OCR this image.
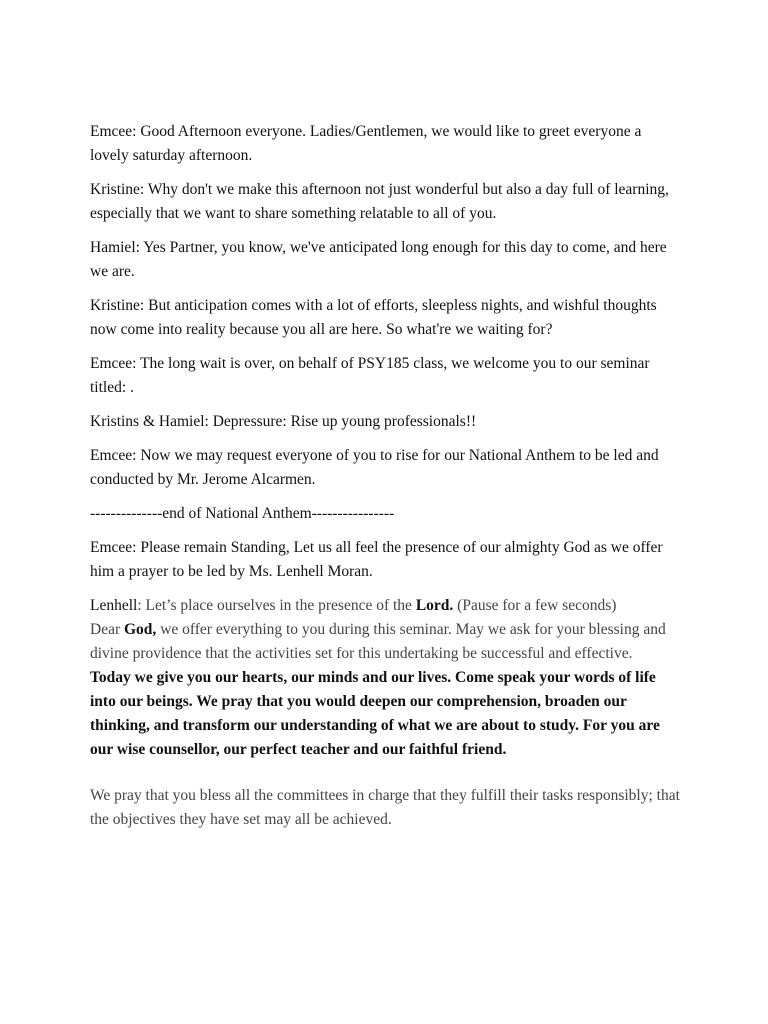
Emcee: Good Afternoon everyone. Ladies/Gentlemen, we would like to greet everyone a lovely saturday afternoon.

Kristine: Why don't we make this afternoon not just wonderful but also a day full of learning, especially that we want to share something relatable to all of you.

Hamiel: Yes Partner, you know, we've anticipated long enough for this day to come, and here we are.

Kristine: But anticipation comes with a lot of efforts, sleepless nights, and wishful thoughts now come into reality because you all are here. So what're we waiting for?

Emcee: The long wait is over, on behalf of PSY185 class, we welcome you to our seminar titled: .

Kristins & Hamiel: Depressure: Rise up young professionals!!

Emcee: Now we may request everyone of you to rise for our National Anthem to be led and conducted by Mr. Jerome Alcarmen.

--------------end of National Anthem----------------

Emcee: Please remain Standing, Let us all feel the presence of our almighty God as we offer him a prayer to be led by Ms. Lenhell Moran.

Lenhell: Let’s place ourselves in the presence of the Lord. (Pause for a few seconds)

Dear God, we offer everything to you during this seminar. May we ask for your blessing and divine providence that the activities set for this undertaking be successful and effective.

Today we give you our hearts, our minds and our lives. Come speak your words of life into our beings. We pray that you would deepen our comprehension, broaden our thinking, and transform our understanding of what we are about to study. For you are our wise counsellor, our perfect teacher and our faithful friend.

We pray that you bless all the committees in charge that they fulfill their tasks responsibly; that the objectives they have set may all be achieved.
